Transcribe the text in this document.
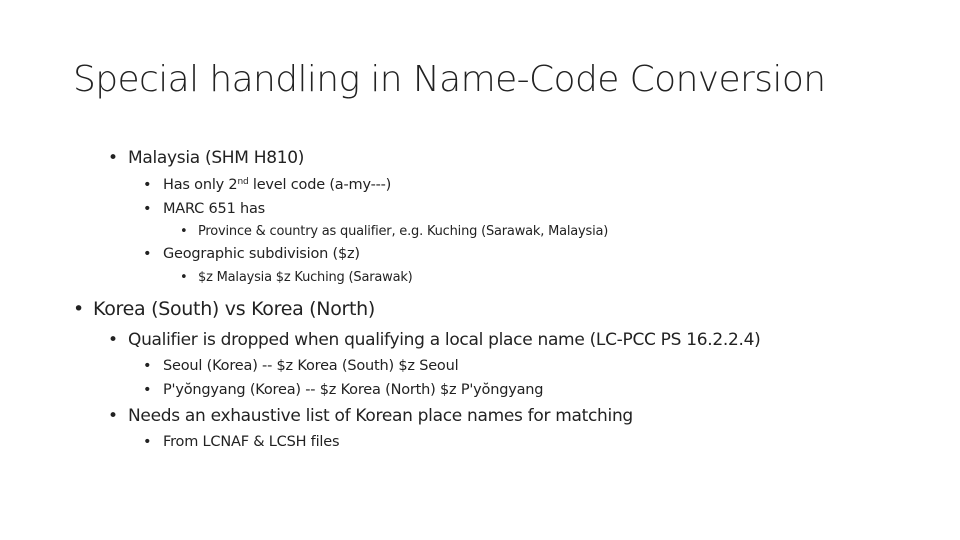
Special handling in Name-Code Conversion
• Malaysia (SHM H810)
• Has only 2nd level code (a-my---)
• MARC 651 has
• Province & country as qualifier, e.g. Kuching (Sarawak, Malaysia)
• Geographic subdivision ($z)
• $z Malaysia $z Kuching (Sarawak)
• Korea (South) vs Korea (North)
• Qualifier is dropped when qualifying a local place name (LC-PCC PS 16.2.2.4)
• Seoul (Korea) -- $z Korea (South) $z Seoul
• P'yŏngyang (Korea) -- $z Korea (North) $z P'yŏngyang
• Needs an exhaustive list of Korean place names for matching
• From LCNAF & LCSH files
